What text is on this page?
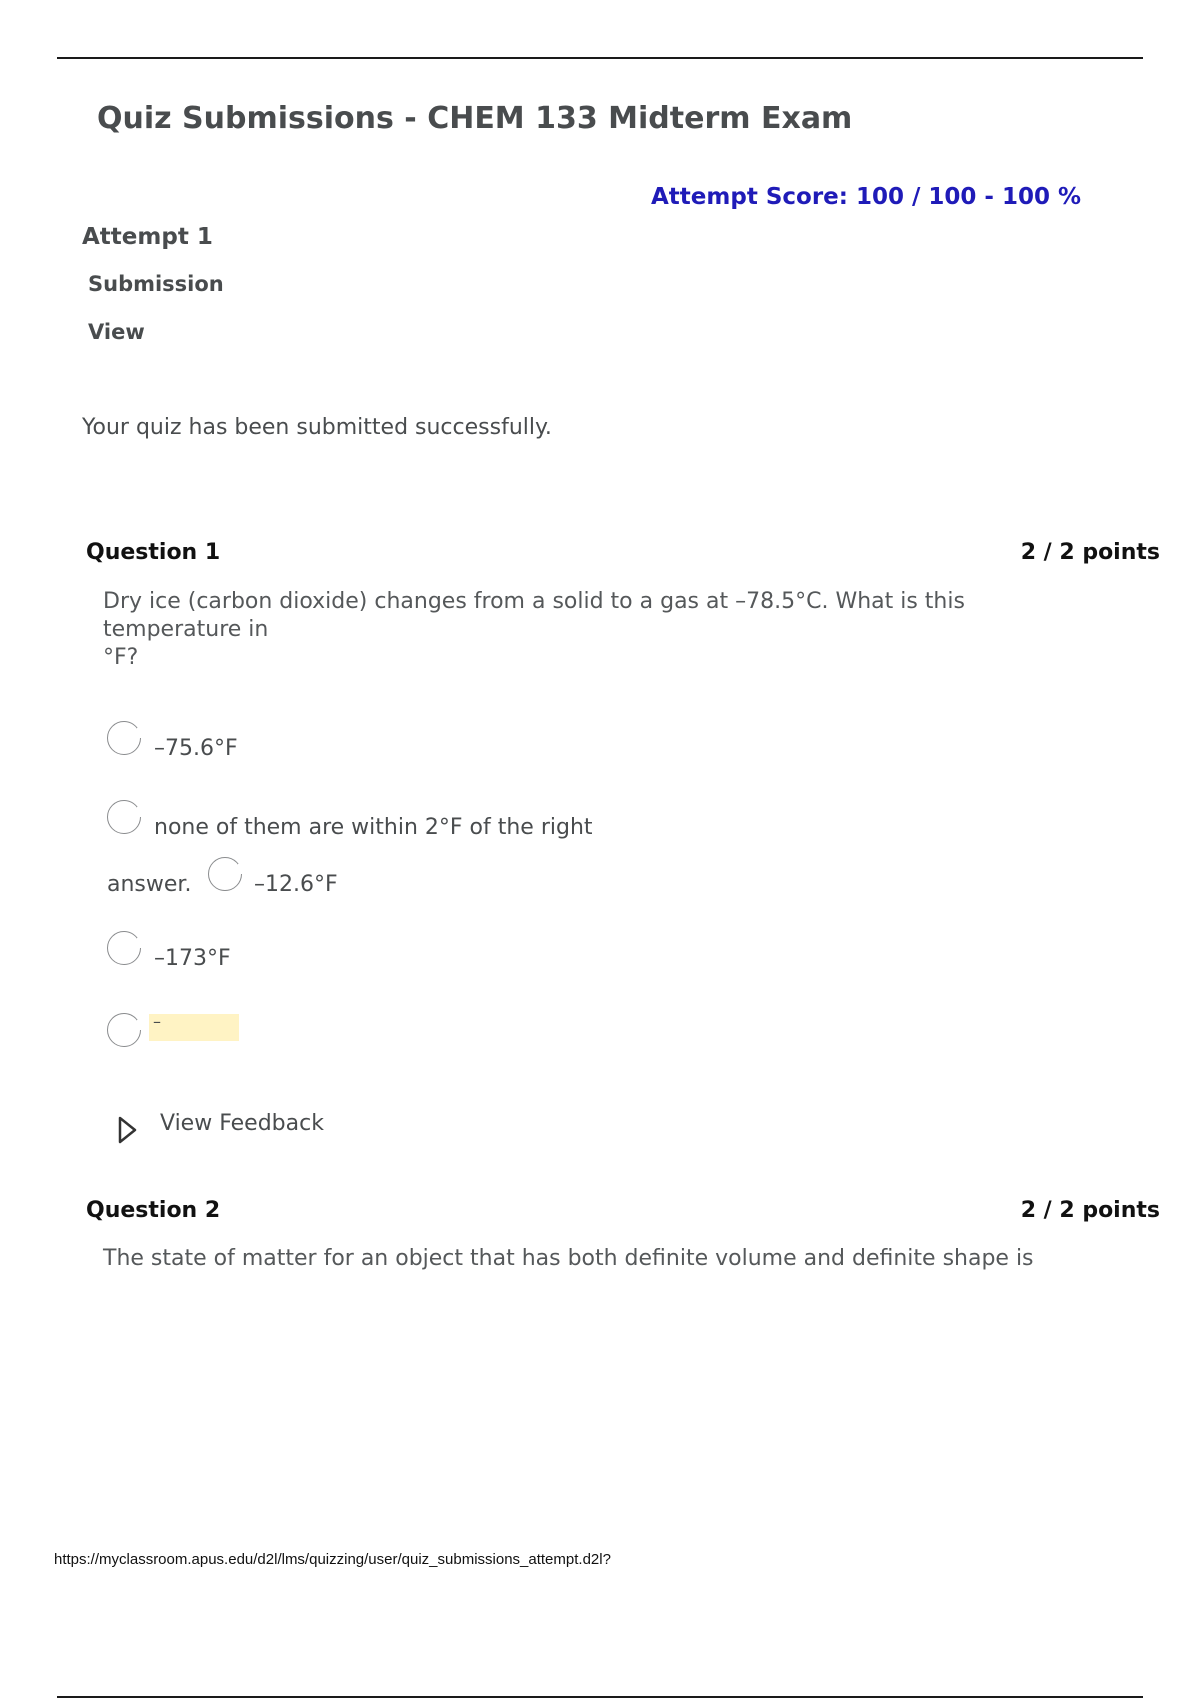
Quiz Submissions - CHEM 133 Midterm Exam
Attempt Score: 100 / 100 - 100 %
Attempt 1
Submission
View
Your quiz has been submitted successfully.
Question 1	2 / 2 points
Dry ice (carbon dioxide) changes from a solid to a gas at –78.5°C. What is this temperature in
°F?
–75.6°F
none of them are within 2°F of the right
answer.	–12.6°F
–173°F
–
View Feedback
Question 2	2 / 2 points
The state of matter for an object that has both definite volume and definite shape is
https://myclassroom.apus.edu/d2l/lms/quizzing/user/quiz_submissions_attempt.d2l?
